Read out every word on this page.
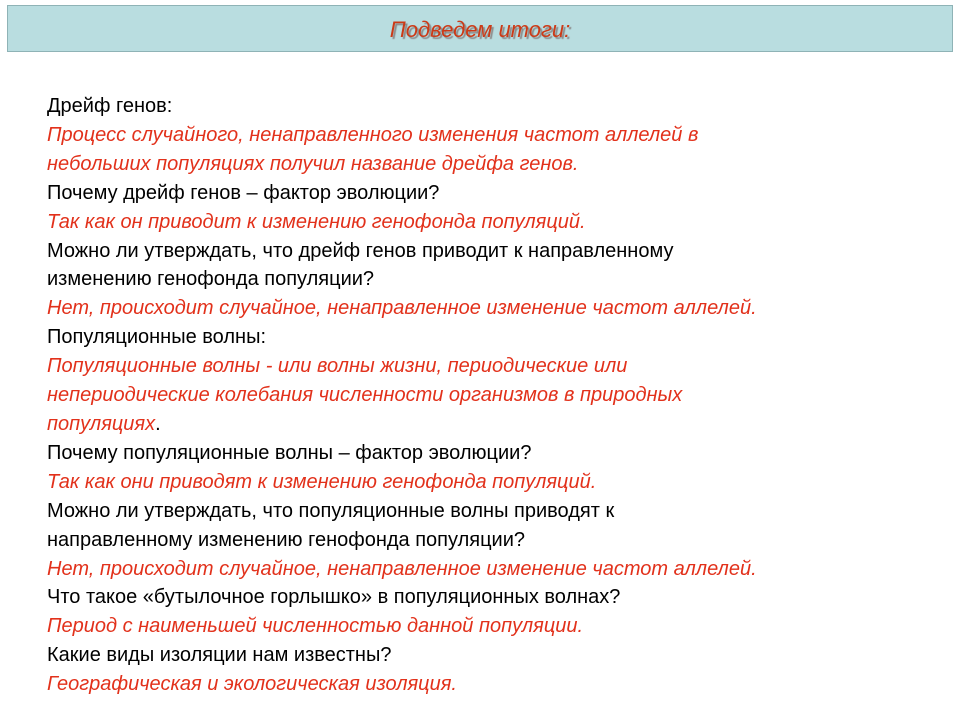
Подведем итоги:
Дрейф генов:
Процесс случайного, ненаправленного изменения частот аллелей в
небольших популяциях получил название дрейфа генов.
Почему дрейф генов – фактор эволюции?
Так как он приводит к изменению генофонда популяций.
Можно ли утверждать, что дрейф генов приводит к направленному
изменению генофонда популяции?
Нет, происходит случайное, ненаправленное изменение частот аллелей.
Популяционные волны:
Популяционные волны - или волны жизни, периодические или
непериодические колебания численности организмов в природных
популяциях.
Почему популяционные волны – фактор эволюции?
Так как они приводят к изменению генофонда популяций.
Можно ли утверждать, что популяционные волны приводят к
направленному изменению генофонда популяции?
Нет, происходит случайное, ненаправленное изменение частот аллелей.
Что такое «бутылочное горлышко» в популяционных волнах?
Период с наименьшей численностью данной популяции.
Какие виды изоляции нам известны?
Географическая и экологическая изоляция.
